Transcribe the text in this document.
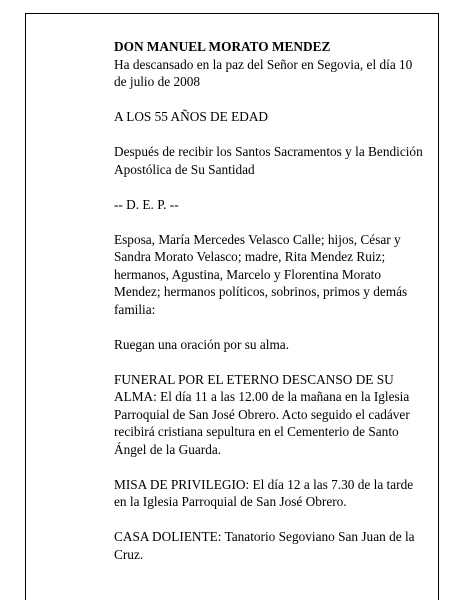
DON MANUEL MORATO MENDEZ
Ha descansado en la paz del Señor en Segovia, el día 10 de julio de 2008
A LOS 55 AÑOS DE EDAD
Después de recibir los Santos Sacramentos y la Bendición Apostólica de Su Santidad
-- D. E. P. --
Esposa, María Mercedes Velasco Calle; hijos, César y Sandra Morato Velasco; madre, Rita Mendez Ruiz; hermanos, Agustina, Marcelo y Florentina Morato Mendez; hermanos políticos, sobrinos, primos y demás familia:
Ruegan una oración por su alma.
FUNERAL POR EL ETERNO DESCANSO DE SU ALMA: El día 11 a las 12.00 de la mañana en la Iglesia Parroquial de San José Obrero. Acto seguido el cadáver recibirá cristiana sepultura en el Cementerio de Santo Ángel de la Guarda.
MISA DE PRIVILEGIO: El día 12 a las 7.30 de la tarde en la Iglesia Parroquial de San José Obrero.
CASA DOLIENTE: Tanatorio Segoviano San Juan de la Cruz.
